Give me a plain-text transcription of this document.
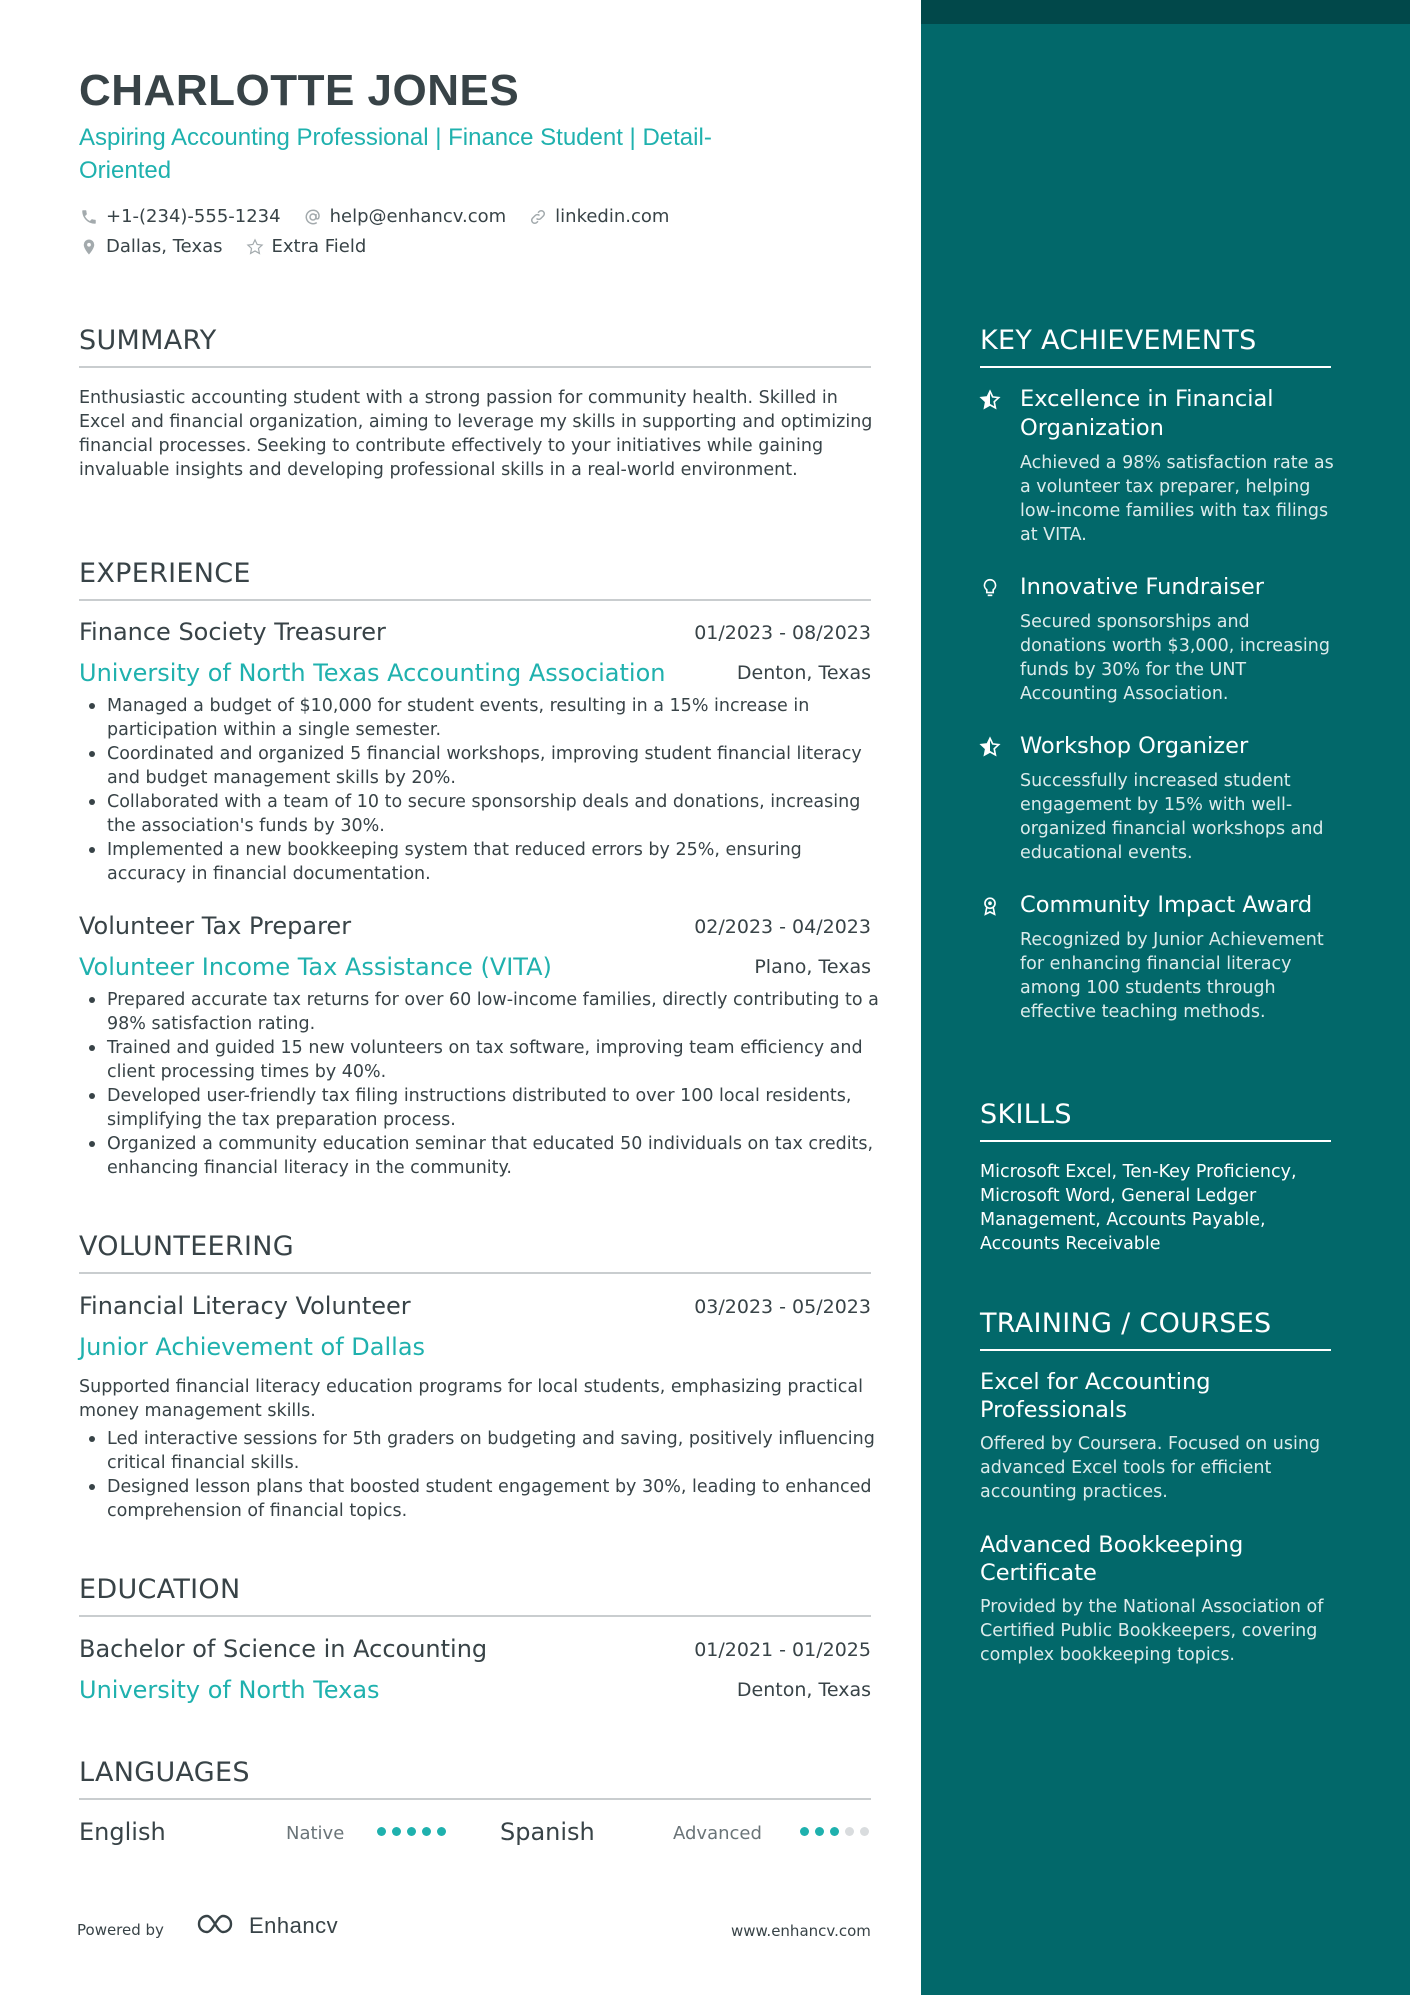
CHARLOTTE JONES
Aspiring Accounting Professional | Finance Student | Detail-Oriented
+1-(234)-555-1234	help@enhancv.com	linkedin.com
Dallas, Texas	Extra Field
SUMMARY
Enthusiastic accounting student with a strong passion for community health. Skilled in Excel and financial organization, aiming to leverage my skills in supporting and optimizing financial processes. Seeking to contribute effectively to your initiatives while gaining invaluable insights and developing professional skills in a real-world environment.
EXPERIENCE
Finance Society Treasurer	01/2023 - 08/2023
University of North Texas Accounting Association	Denton, Texas
Managed a budget of $10,000 for student events, resulting in a 15% increase in participation within a single semester.
Coordinated and organized 5 financial workshops, improving student financial literacy and budget management skills by 20%.
Collaborated with a team of 10 to secure sponsorship deals and donations, increasing the association's funds by 30%.
Implemented a new bookkeeping system that reduced errors by 25%, ensuring accuracy in financial documentation.
Volunteer Tax Preparer	02/2023 - 04/2023
Volunteer Income Tax Assistance (VITA)	Plano, Texas
Prepared accurate tax returns for over 60 low-income families, directly contributing to a 98% satisfaction rating.
Trained and guided 15 new volunteers on tax software, improving team efficiency and client processing times by 40%.
Developed user-friendly tax filing instructions distributed to over 100 local residents, simplifying the tax preparation process.
Organized a community education seminar that educated 50 individuals on tax credits, enhancing financial literacy in the community.
VOLUNTEERING
Financial Literacy Volunteer	03/2023 - 05/2023
Junior Achievement of Dallas
Supported financial literacy education programs for local students, emphasizing practical money management skills.
Led interactive sessions for 5th graders on budgeting and saving, positively influencing critical financial skills.
Designed lesson plans that boosted student engagement by 30%, leading to enhanced comprehension of financial topics.
EDUCATION
Bachelor of Science in Accounting	01/2021 - 01/2025
University of North Texas	Denton, Texas
LANGUAGES
English	Native	Spanish	Advanced
Powered by	Enhancv	www.enhancv.com
KEY ACHIEVEMENTS
Excellence in Financial Organization
Achieved a 98% satisfaction rate as a volunteer tax preparer, helping low-income families with tax filings at VITA.
Innovative Fundraiser
Secured sponsorships and donations worth $3,000, increasing funds by 30% for the UNT Accounting Association.
Workshop Organizer
Successfully increased student engagement by 15% with well-organized financial workshops and educational events.
Community Impact Award
Recognized by Junior Achievement for enhancing financial literacy among 100 students through effective teaching methods.
SKILLS
Microsoft Excel, Ten-Key Proficiency, Microsoft Word, General Ledger Management, Accounts Payable, Accounts Receivable
TRAINING / COURSES
Excel for Accounting Professionals
Offered by Coursera. Focused on using advanced Excel tools for efficient accounting practices.
Advanced Bookkeeping Certificate
Provided by the National Association of Certified Public Bookkeepers, covering complex bookkeeping topics.
